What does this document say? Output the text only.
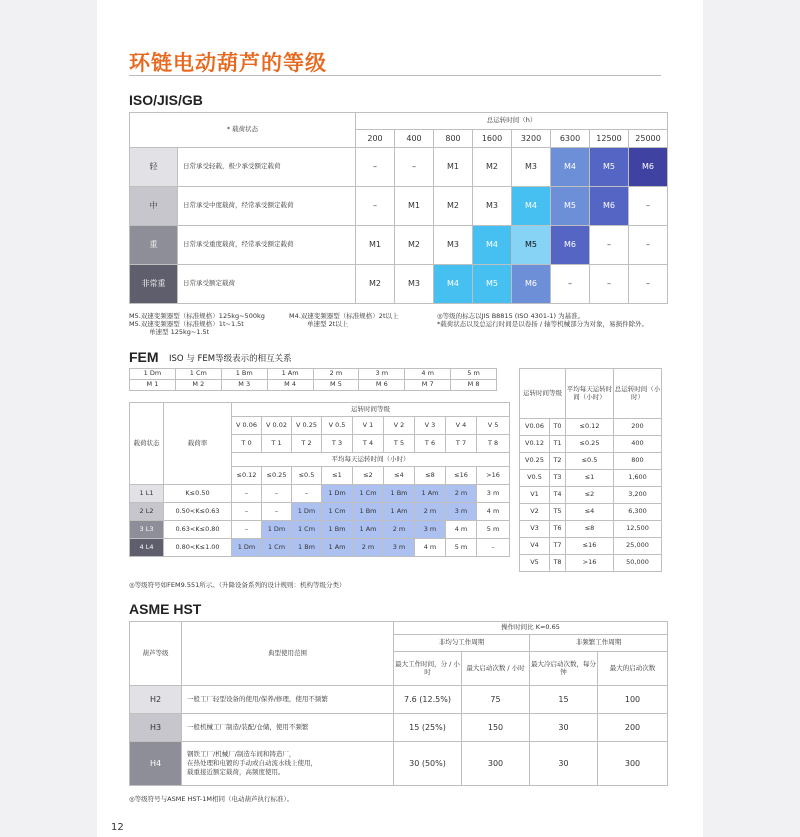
环链电动葫芦的等级
ISO/JIS/GB
* 载荷状态		总运转时间（h）							
		200	400	800	1600	3200	6300	12500	25000
轻	日常承受轻载，极少承受额定载荷	–	–	M1	M2	M3	M4	M5	M6
中	日常承受中度载荷，经常承受额定载荷	–	M1	M2	M3	M4	M5	M6	–
重	日常承受重度载荷，经常承受额定载荷	M1	M2	M3	M4	M5	M6	–	–
非常重	日常承受额定载荷	M2	M3	M4	M5	M6	–	–	–
M5.双速变频器型（标准规格）125kg~500kg
M5.双速变频器型（标准规格）1t~1.5t
单速型 125kg~1.5t
M4.双速变频器型（标准规格）2t以上
单速型 2t以上
◎等级的标志以JIS B8815 (ISO 4301-1) 为基准。
*载荷状态以及总运行时间是以卷扬 / 轴等机械部分为对象，易损件除外。
FEM ISO 与 FEM等级表示的相互关系
1 Dm	1 Cm	1 Bm	1 Am	2 m	3 m	4 m	5 m
M 1	M 2	M 3	M 4	M 5	M 6	M 7	M 8
载荷状态	载荷率	运转时间等级								
		V 0.06	V 0.02	V 0.25	V 0.5	V 1	V 2	V 3	V 4	V 5
		T 0	T 1	T 2	T 3	T 4	T 5	T 6	T 7	T 8
		平均每天运转时间（小时）								
		≤0.12	≤0.25	≤0.5	≤1	≤2	≤4	≤8	≤16	>16
1 L1	K≤0.50	–	–	–	1 Dm	1 Cm	1 Bm	1 Am	2 m	3 m
2 L2	0.50<K≤0.63	–	–	1 Dm	1 Cm	1 Bm	1 Am	2 m	3 m	4 m
3 L3	0.63<K≤0.80	–	1 Dm	1 Cm	1 Bm	1 Am	2 m	3 m	4 m	5 m
4 L4	0.80<K≤1.00	1 Dm	1 Cm	1 Bm	1 Am	2 m	3 m	4 m	5 m	–
◎等级符号如FEM9.551所示。（升降设备系列的设计规则：机构等级分类）
运转时间等级		平均每天运转时间（小时）	总运转时间（小时）
V0.06	T0	≤0.12	200
V0.12	T1	≤0.25	400
V0.25	T2	≤0.5	800
V0.5	T3	≤1	1,600
V1	T4	≤2	3,200
V2	T5	≤4	6,300
V3	T6	≤8	12,500
V4	T7	≤16	25,000
V5	T8	>16	50,000
ASME HST
葫芦等级	典型使用范围	操作时间比 K=0.65			
		非均匀工作周期		非频繁工作周期	
		最大工作时间，分 / 小时	最大启动次数 / 小时	最大冷启动次数，每分钟	最大的启动次数
H2	一般工厂轻型设备的使用/保养/修理，使用不频繁	7.6 (12.5%)	75	15	100
H3	一般机械工厂制造/装配/仓储，使用不频繁	15 (25%)	150	30	200
H4	钢铁工厂/机械厂/制造车间和铸造厂，
在热处理和电镀的手动或自动流水线上使用，
载重接近额定载荷，高频度使用。	30 (50%)	300	30	300
◎等级符号与ASME HST-1M相同（电动葫芦执行标准）。
12
